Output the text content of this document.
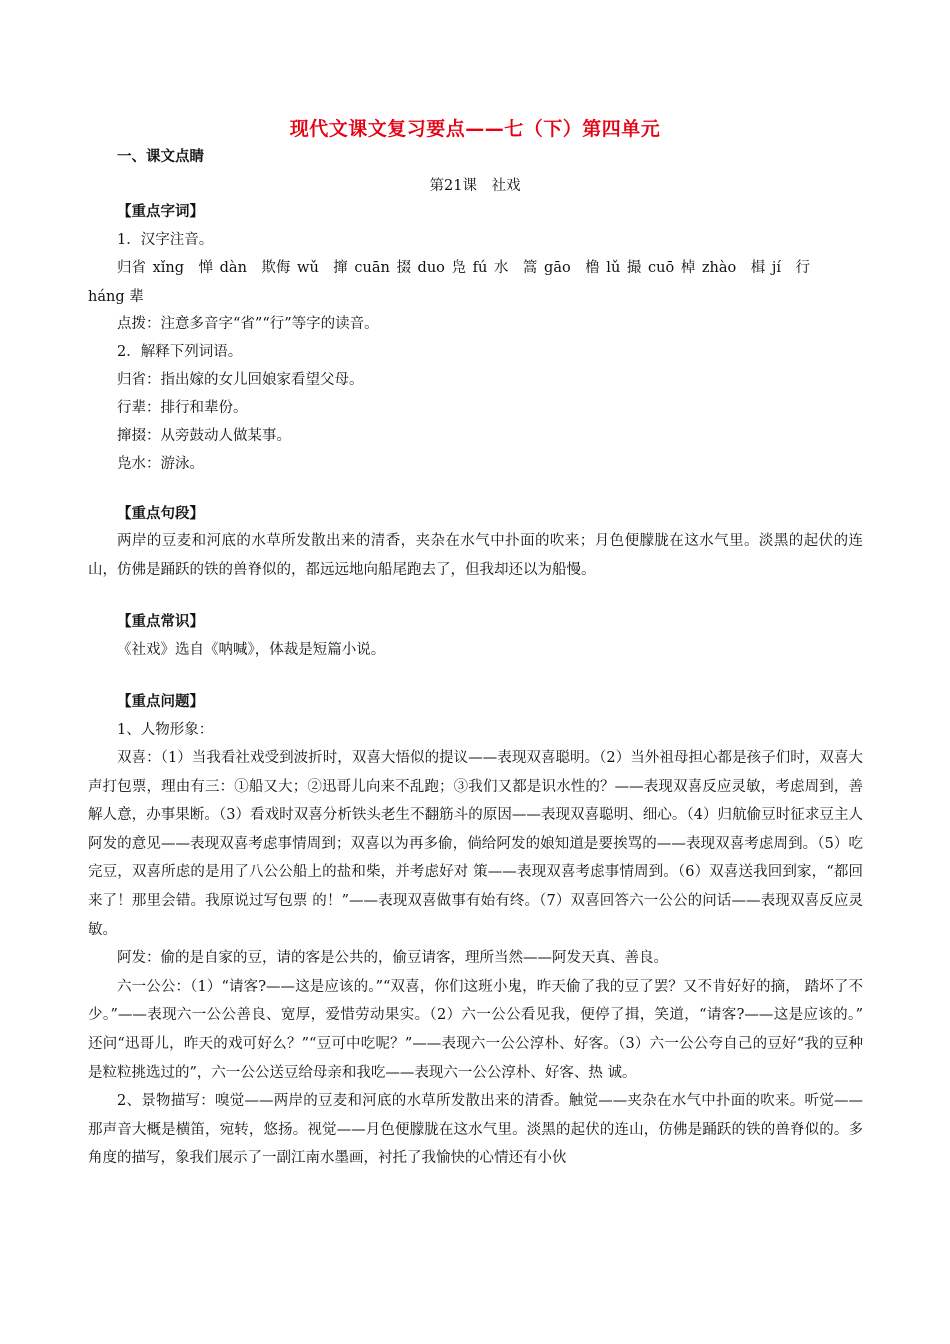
现代文课文复习要点——七（下）第四单元
一、课文点睛
第21课　社戏
【重点字词】
1．汉字注音。

归省 xǐng　惮 dàn　欺侮 wǔ　撺 cuān 掇 duo 凫 fú 水　篙 gāo　橹 lǔ 撮 cuō 棹 zhào　楫 jí　行

háng 辈

点拨：注意多音字“省”“行”等字的读音。
2．解释下列词语。
归省：指出嫁的女儿回娘家看望父母。
行辈：排行和辈份。
撺掇：从旁鼓动人做某事。
凫水：游泳。
【重点句段】

两岸的豆麦和河底的水草所发散出来的清香，夹杂在水气中扑面的吹来；月色便朦胧在这水气里。淡黑的起伏的连山，仿佛是踊跃的铁的兽脊似的，都远远地向船尾跑去了，但我却还以为船慢。

【重点常识】
《社戏》选自《呐喊》，体裁是短篇小说。
【重点问题】
1、人物形象：

双喜：（1）当我看社戏受到波折时，双喜大悟似的提议——表现双喜聪明。（2）当外祖母担心都是孩子们时，双喜大声打包票，理由有三：①船又大；②迅哥儿向来不乱跑；③我们又都是识水性的？——表现双喜反应灵敏，考虑周到，善解人意，办事果断。（3）看戏时双喜分析铁头老生不翻筋斗的原因——表现双喜聪明、细心。（4）归航偷豆时征求豆主人阿发的意见——表现双喜考虑事情周到；双喜以为再多偷，倘给阿发的娘知道是要挨骂的——表现双喜考虑周到。（5）吃完豆，双喜所虑的是用了八公公船上的盐和柴，并考虑好对 策——表现双喜考虑事情周到。（6）双喜送我回到家，“都回来了！那里会错。我原说过写包票 的！”——表现双喜做事有始有终。（7）双喜回答六一公公的问话——表现双喜反应灵敏。

阿发：偷的是自家的豆，请的客是公共的，偷豆请客，理所当然——阿发天真、善良。

六一公公：（1）“请客?——这是应该的。”“双喜，你们这班小鬼，昨天偷了我的豆了罢？又不肯好好的摘， 踏坏了不少。”——表现六一公公善良、宽厚，爱惜劳动果实。（2）六一公公看见我，便停了揖，笑道，“请客?——这是应该的。” 还问“迅哥儿，昨天的戏可好么？”“豆可中吃呢？”——表现六一公公淳朴、好客。（3）六一公公夸自己的豆好“我的豆种是粒粒挑选过的”，六一公公送豆给母亲和我吃——表现六一公公淳朴、好客、热 诚。

2、景物描写：嗅觉——两岸的豆麦和河底的水草所发散出来的清香。触觉——夹杂在水气中扑面的吹来。听觉——那声音大概是横笛，宛转，悠扬。视觉——月色便朦胧在这水气里。淡黑的起伏的连山，仿佛是踊跃的铁的兽脊似的。多角度的描写，象我们展示了一副江南水墨画，衬托了我愉快的心情还有小伙
